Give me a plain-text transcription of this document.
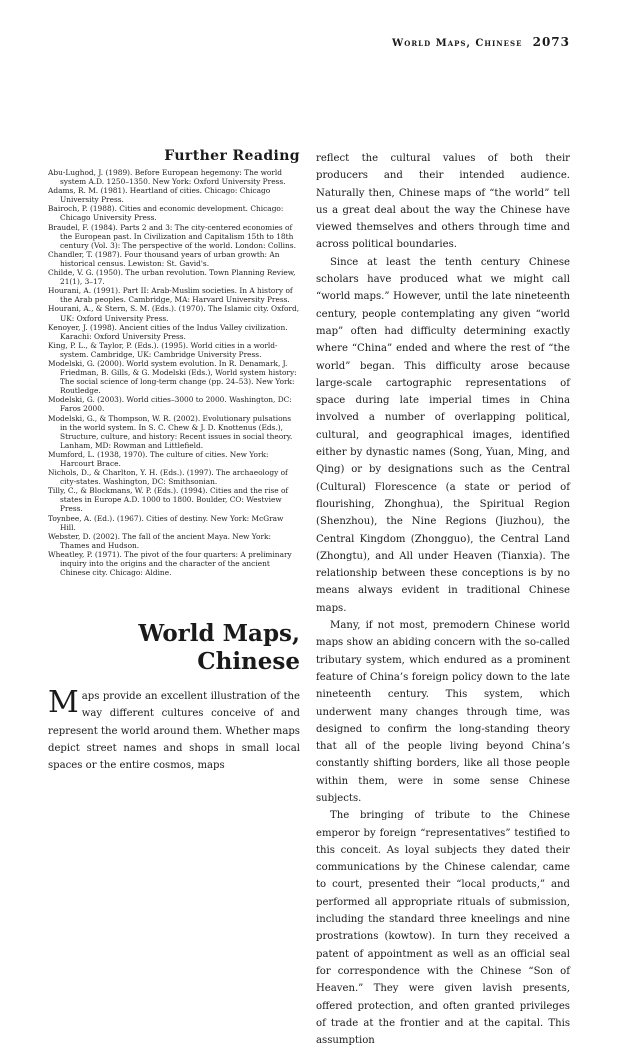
World Maps, Chinese 2073
Further Reading
Abu-Lughod, J. (1989). Before European hegemony: The world system A.D. 1250–1350. New York: Oxford University Press.
Adams, R. M. (1981). Heartland of cities. Chicago: Chicago University Press.
Bairoch, P. (1988). Cities and economic development. Chicago: Chicago University Press.
Braudel, F. (1984). Parts 2 and 3: The city-centered economies of the European past. In Civilization and Capitalism 15th to 18th century (Vol. 3): The perspective of the world. London: Collins.
Chandler, T. (1987). Four thousand years of urban growth: An historical census. Lewiston: St. Gavid's.
Childe, V. G. (1950). The urban revolution. Town Planning Review, 21(1), 3–17.
Hourani, A. (1991). Part II: Arab-Muslim societies. In A history of the Arab peoples. Cambridge, MA: Harvard University Press.
Hourani, A., & Stern, S. M. (Eds.). (1970). The Islamic city. Oxford, UK: Oxford University Press.
Kenoyer, J. (1998). Ancient cities of the Indus Valley civilization. Karachi: Oxford University Press.
King, P. L., & Taylor, P. (Eds.). (1995). World cities in a world-system. Cambridge, UK: Cambridge University Press.
Modelski, G. (2000). World system evolution. In R. Denamark, J. Friedman, B. Gills, & G. Modelski (Eds.), World system history: The social science of long-term change (pp. 24–53). New York: Routledge.
Modelski, G. (2003). World cities–3000 to 2000. Washington, DC: Faros 2000.
Modelski, G., & Thompson, W. R. (2002). Evolutionary pulsations in the world system. In S. C. Chew & J. D. Knottenus (Eds.), Structure, culture, and history: Recent issues in social theory. Lanham, MD: Rowman and Littlefield.
Mumford, L. (1938, 1970). The culture of cities. New York: Harcourt Brace.
Nichols, D., & Charlton, Y. H. (Eds.). (1997). The archaeology of city-states. Washington, DC: Smithsonian.
Tilly, C., & Blockmans, W. P. (Eds.). (1994). Cities and the rise of states in Europe A.D. 1000 to 1800. Boulder, CO: Westview Press.
Toynbee, A. (Ed.). (1967). Cities of destiny. New York: McGraw Hill.
Webster, D. (2002). The fall of the ancient Maya. New York: Thames and Hudson.
Wheatley, P. (1971). The pivot of the four quarters: A preliminary inquiry into the origins and the character of the ancient Chinese city. Chicago: Aldine.
World Maps,
Chinese
Maps provide an excellent illustration of the way different cultures conceive of and represent the world around them. Whether maps depict street names and shops in small local spaces or the entire cosmos, maps

reflect the cultural values of both their producers and their intended audience. Naturally then, Chinese maps of “the world” tell us a great deal about the way the Chinese have viewed themselves and others through time and across political boundaries.

Since at least the tenth century Chinese scholars have produced what we might call “world maps.” However, until the late nineteenth century, people contemplating any given “world map” often had difficulty determining exactly where “China” ended and where the rest of “the world” began. This difficulty arose because large-scale cartographic representations of space during late imperial times in China involved a number of overlapping political, cultural, and geographical images, identified either by dynastic names (Song, Yuan, Ming, and Qing) or by designations such as the Central (Cultural) Florescence (a state or period of flourishing, Zhonghua), the Spiritual Region (Shenzhou), the Nine Regions (Jiuzhou), the Central Kingdom (Zhongguo), the Central Land (Zhongtu), and All under Heaven (Tianxia). The relationship between these conceptions is by no means always evident in traditional Chinese maps.

Many, if not most, premodern Chinese world maps show an abiding concern with the so-called tributary system, which endured as a prominent feature of China’s foreign policy down to the late nineteenth century. This system, which underwent many changes through time, was designed to confirm the long-standing theory that all of the people living beyond China’s constantly shifting borders, like all those people within them, were in some sense Chinese subjects.

The bringing of tribute to the Chinese emperor by foreign “representatives” testified to this conceit. As loyal subjects they dated their communications by the Chinese calendar, came to court, presented their “local products,” and performed all appropriate rituals of submission, including the standard three kneelings and nine prostrations (kowtow). In turn they received a patent of appointment as well as an official seal for correspondence with the Chinese “Son of Heaven.” They were given lavish presents, offered protection, and often granted privileges of trade at the frontier and at the capital. This assumption
